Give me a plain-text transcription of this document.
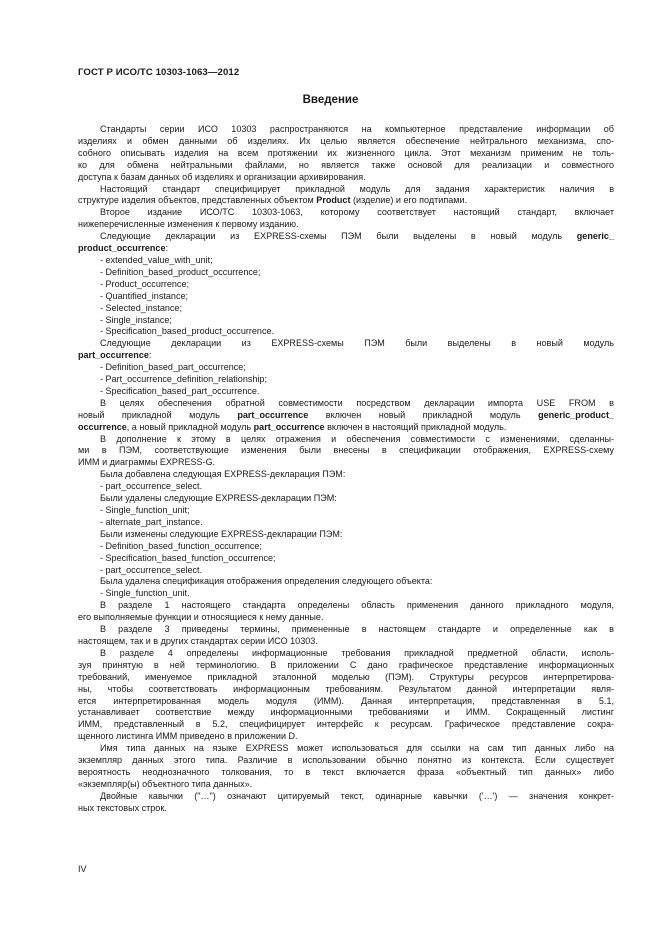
ГОСТ Р ИСО/ТС 10303-1063—2012
Введение

Стандарты серии ИСО 10303 распространяются на компьютерное представление информации об

изделиях и обмен данными об изделиях. Их целью является обеспечение нейтрального механизма, спо-

собного описывать изделия на всем протяжении их жизненного цикла. Этот механизм применим не толь-

ко для обмена нейтральными файлами, но является также основой для реализации и совместного

доступа к базам данных об изделиях и организации архивирования.

Настоящий стандарт специфицирует прикладной модуль для задания характеристик наличия в

структуре изделия объектов, представленных объектом Product (изделие) и его подтипами.

Второе издание ИСО/ТС 10303-1063, которому соответствует настоящий стандарт, включает

нижеперечисленные изменения к первому изданию.

Следующие декларации из EXPRESS-схемы ПЭМ были выделены в новый модуль generic_

product_occurrence:

- extended_value_with_unit;

- Definition_based_product_occurrence;

- Product_occurrence;

- Quantified_instance;

- Selected_instance;

- Single_instance;

- Specification_based_product_occurrence.

Следующие декларации из EXPRESS-схемы ПЭМ были выделены в новый модуль

part_occurrence:

- Definition_based_part_occurrence;

- Part_occurrence_definition_relationship;

- Specification_based_part_occurrence.

В целях обеспечения обратной совместимости посредством декларации импорта USE FROM в

новый прикладной модуль part_occurrence включен новый прикладной модуль generic_product_

occurrence, а новый прикладной модуль part_occurrence включен в настоящий прикладной модуль.

В дополнение к этому в целях отражения и обеспечения совместимости с изменениями, сделанны-

ми в ПЭМ, соответствующие изменения были внесены в спецификации отображения, EXPRESS-схему

ИММ и диаграммы EXPRESS-G.

Была добавлена следующая EXPRESS-декларация ПЭМ:

- part_occurrence_select.

Были удалены следующие EXPRESS-декларации ПЭМ:

- Single_function_unit;

- alternate_part_instance.

Были изменены следующие EXPRESS-декларации ПЭМ:

- Definition_based_function_occurrence;

- Specification_based_function_occurrence;

- part_occurrence_select.

Была удалена спецификация отображения определения следующего объекта:

- Single_function_unit.

В разделе 1 настоящего стандарта определены область применения данного прикладного модуля,

его выполняемые функции и относящиеся к нему данные.

В разделе 3 приведены термины, примененные в настоящем стандарте и определенные как в

настоящем, так и в других стандартах серии ИСО 10303.

В разделе 4 определены информационные требования прикладной предметной области, исполь-

зуя принятую в ней терминологию. В приложении С дано графическое представление информационных

требований, именуемое прикладной эталонной моделью (ПЭМ). Структуры ресурсов интерпретирова-

ны, чтобы соответствовать информационным требованиям. Результатом данной интерпретации явля-

ется интерпретированная модель модуля (ИММ). Данная интерпретация, представленная в 5.1,

устанавливает соответствие между информационными требованиями и ИММ. Сокращенный листинг

ИММ, представленный в 5.2, специфицирует интерфейс к ресурсам. Графическое представление сокра-

щенного листинга ИММ приведено в приложении D.

Имя типа данных на языке EXPRESS может использоваться для ссылки на сам тип данных либо на

экземпляр данных этого типа. Различие в использовании обычно понятно из контекста. Если существует

вероятность неоднозначного толкования, то в текст включается фраза «объектный тип данных» либо

«экземпляр(ы) объектного типа данных».

Двойные кавычки ("…") означают цитируемый текст, одинарные кавычки ('…') — значения конкрет-

ных текстовых строк.

IV
